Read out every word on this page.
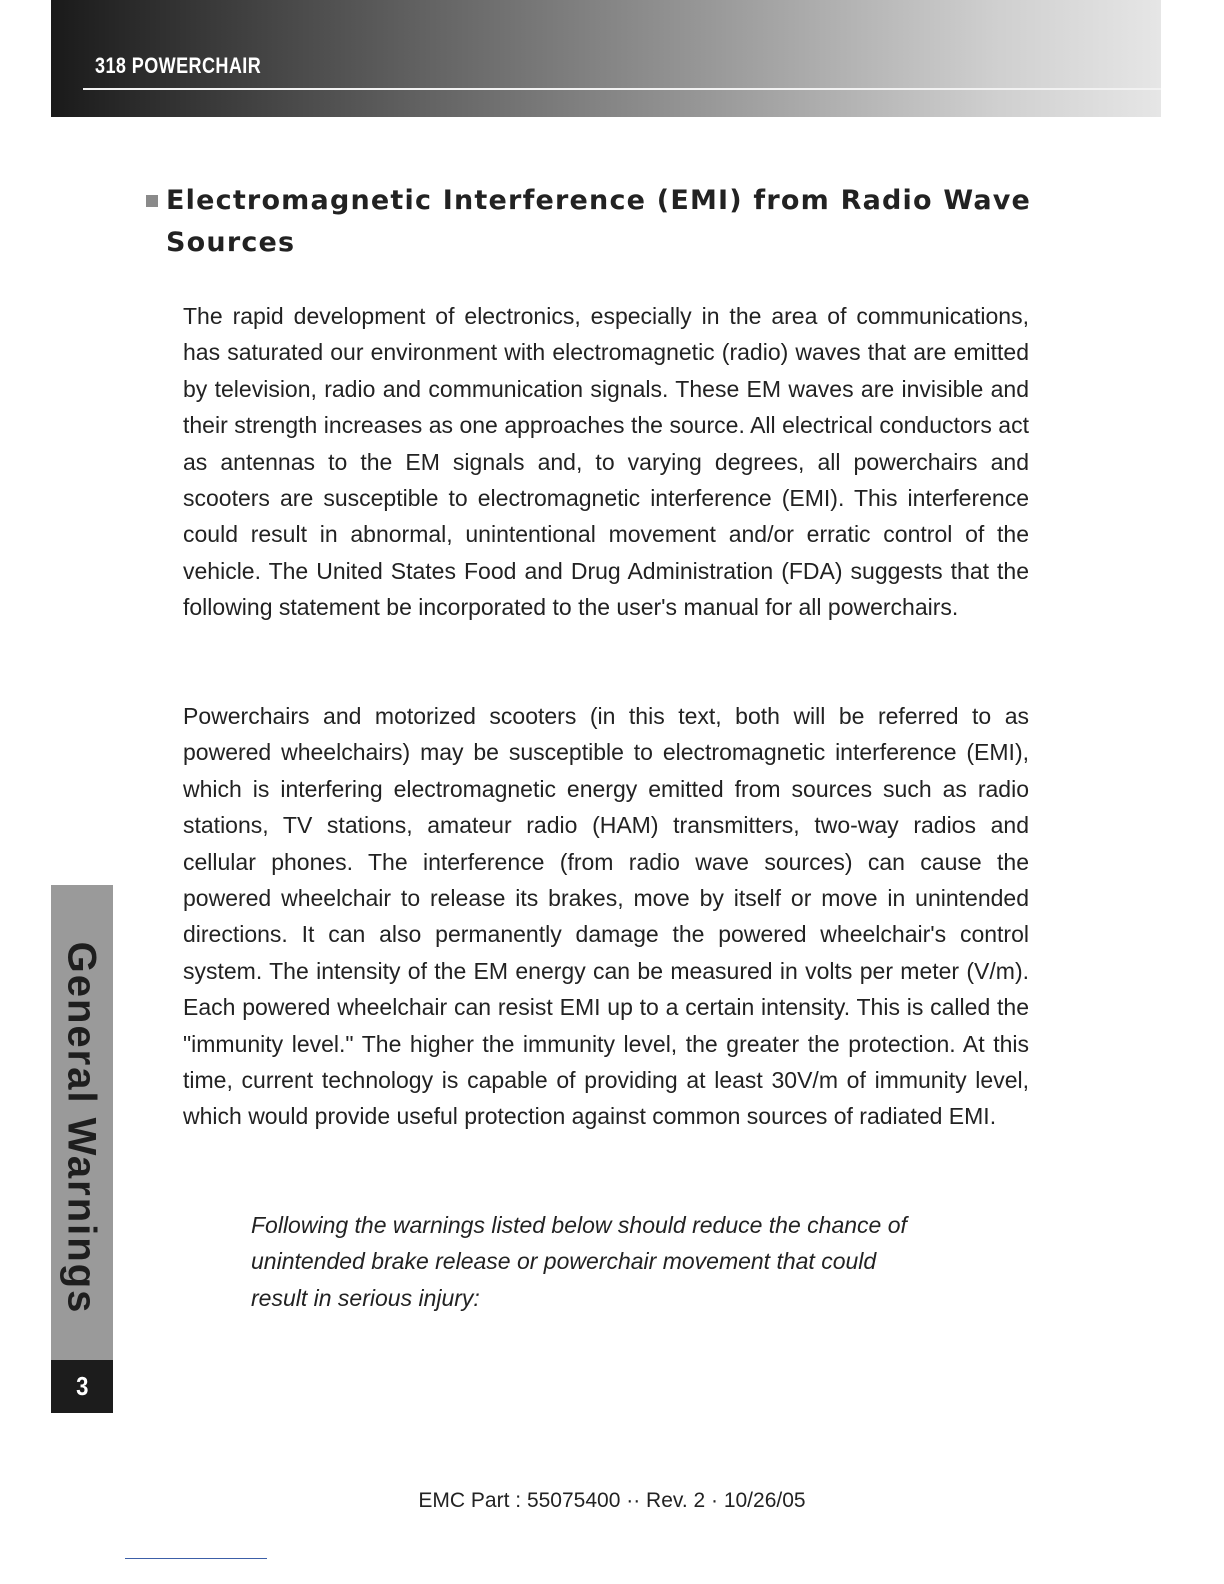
318 POWERCHAIR
Electromagnetic Interference (EMI) from Radio Wave
Sources

The rapid development of electronics, especially in the area of communications, has saturated our environment with electromagnetic (radio) waves that are emitted by television, radio and communication signals. These EM waves are invisible and their strength increases as one approaches the source. All electrical conductors act as antennas to the EM signals and, to varying degrees, all powerchairs and scooters are susceptible to electromagnetic interference (EMI). This interference could result in abnormal, unintentional movement and/or erratic control of the vehicle. The United States Food and Drug Administration (FDA) suggests that the following statement be incorporated to the user's manual for all powerchairs.

Powerchairs and motorized scooters (in this text, both will be referred to as powered wheelchairs) may be susceptible to electromagnetic interference (EMI), which is interfering electromagnetic energy emitted from sources such as radio stations, TV stations, amateur radio (HAM) transmitters, two-way radios and cellular phones. The interference (from radio wave sources) can cause the powered wheelchair to release its brakes, move by itself or move in unintended directions. It can also permanently damage the powered wheelchair's control system. The intensity of the EM energy can be measured in volts per meter (V/m). Each powered wheelchair can resist EMI up to a certain intensity. This is called the "immunity level." The higher the immunity level, the greater the protection. At this time, current technology is capable of providing at least 30V/m of immunity level, which would provide useful protection against common sources of radiated EMI.

Following the warnings listed below should reduce the chance of unintended brake release or powerchair movement that could result in serious injury:

General Warnings
3
EMC Part : 55075400 ·· Rev. 2 · 10/26/05
